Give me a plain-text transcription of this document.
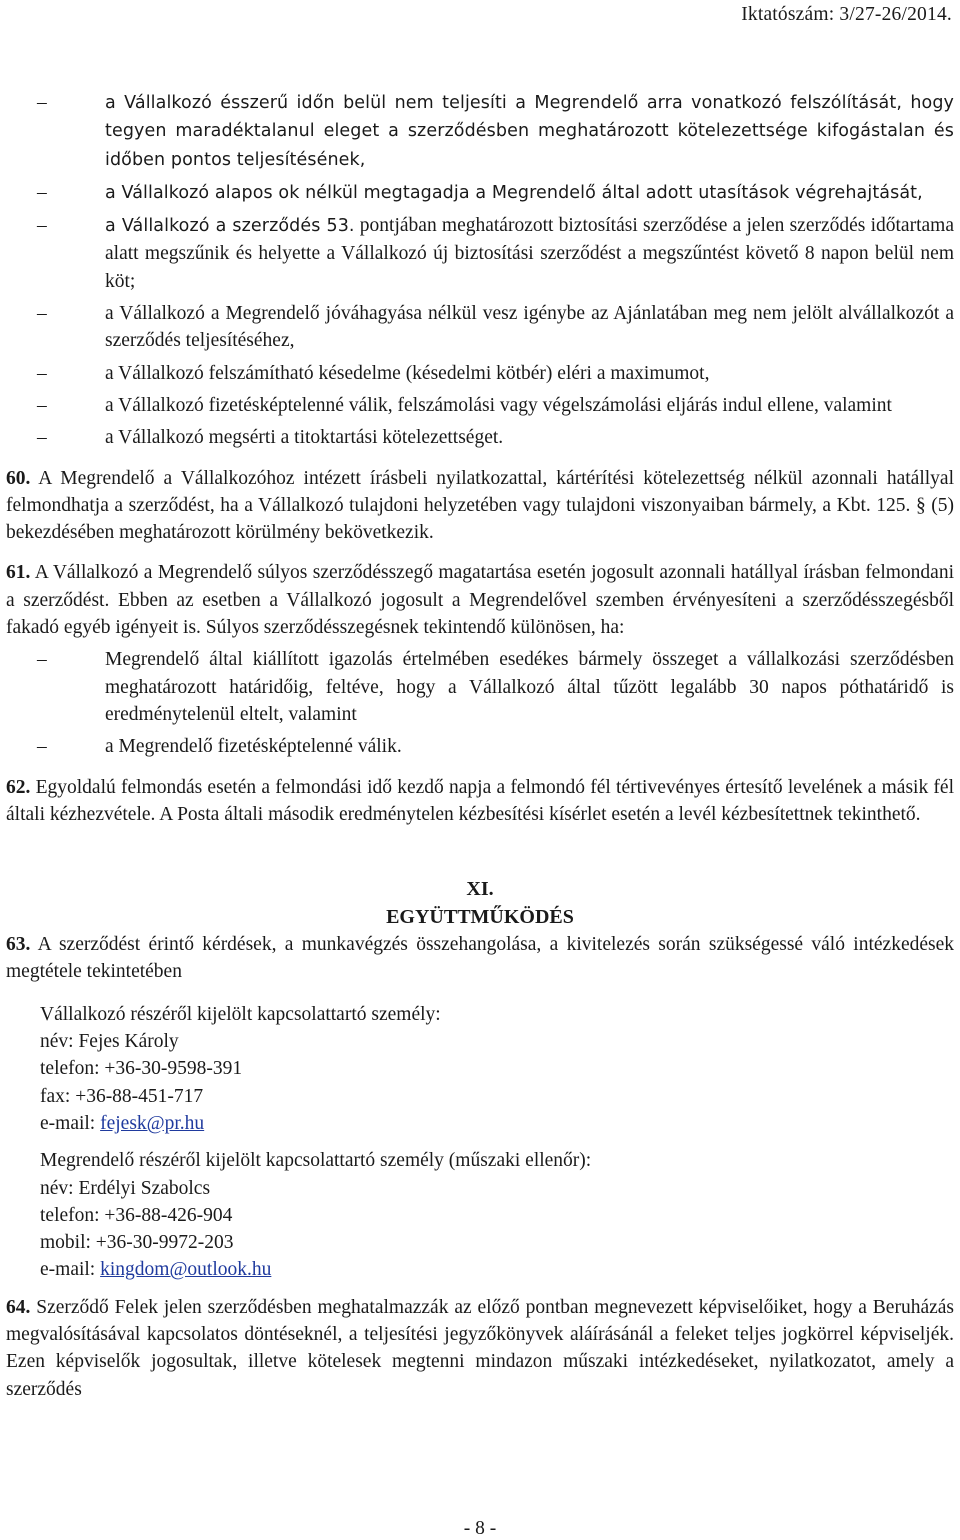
Iktatószám: 3/27-26/2014.
–	a Vállalkozó ésszerű időn belül nem teljesíti a Megrendelő arra vonatkozó felszólítását, hogy tegyen maradéktalanul eleget a szerződésben meghatározott kötelezettsége kifogástalan és időben pontos teljesítésének,
–	a Vállalkozó alapos ok nélkül megtagadja a Megrendelő által adott utasítások végrehajtását,
–	a Vállalkozó a szerződés 53. pontjában meghatározott biztosítási szerződése a jelen szerződés időtartama alatt megszűnik és helyette a Vállalkozó új biztosítási szerződést a megszűntést követő 8 napon belül nem köt;
–	a Vállalkozó a Megrendelő jóváhagyása nélkül vesz igénybe az Ajánlatában meg nem jelölt alvállalkozót a szerződés teljesítéséhez,
–	a Vállalkozó felszámítható késedelme (késedelmi kötbér) eléri a maximumot,
–	a Vállalkozó fizetésképtelenné válik, felszámolási vagy végelszámolási eljárás indul ellene, valamint
–	a Vállalkozó megsérti a titoktartási kötelezettséget.
60. A Megrendelő a Vállalkozóhoz intézett írásbeli nyilatkozattal, kártérítési kötelezettség nélkül azonnali hatállyal felmondhatja a szerződést, ha a Vállalkozó tulajdoni helyzetében vagy tulajdoni viszonyaiban bármely, a Kbt. 125. § (5) bekezdésében meghatározott körülmény bekövetkezik.
61. A Vállalkozó a Megrendelő súlyos szerződésszegő magatartása esetén jogosult azonnali hatállyal írásban felmondani a szerződést. Ebben az esetben a Vállalkozó jogosult a Megrendelővel szemben érvényesíteni a szerződésszegésből fakadó egyéb igényeit is. Súlyos szerződésszegésnek tekintendő különösen, ha:
–	Megrendelő által kiállított igazolás értelmében esedékes bármely összeget a vállalkozási szerződésben meghatározott határidőig, feltéve, hogy a Vállalkozó által tűzött legalább 30 napos póthatáridő is eredménytelenül eltelt, valamint
–	a Megrendelő fizetésképtelenné válik.
62. Egyoldalú felmondás esetén a felmondási idő kezdő napja a felmondó fél tértivevényes értesítő levelének a másik fél általi kézhezvétele. A Posta általi második eredménytelen kézbesítési kísérlet esetén a levél kézbesítettnek tekinthető.
XI.
EGYÜTTMŰKÖDÉS
63. A szerződést érintő kérdések, a munkavégzés összehangolása, a kivitelezés során szükségessé váló intézkedések megtétele tekintetében
Vállalkozó részéről kijelölt kapcsolattartó személy:
név: Fejes Károly
telefon: +36-30-9598-391
fax: +36-88-451-717
e-mail: fejesk@pr.hu
Megrendelő részéről kijelölt kapcsolattartó személy (műszaki ellenőr):
név: Erdélyi Szabolcs
telefon: +36-88-426-904
mobil: +36-30-9972-203
e-mail: kingdom@outlook.hu
64. Szerződő Felek jelen szerződésben meghatalmazzák az előző pontban megnevezett képviselőiket, hogy a Beruházás megvalósításával kapcsolatos döntéseknél, a teljesítési jegyzőkönyvek aláírásánál a feleket teljes jogkörrel képviseljék. Ezen képviselők jogosultak, illetve kötelesek megtenni mindazon műszaki intézkedéseket, nyilatkozatot, amely a szerződés
- 8 -
